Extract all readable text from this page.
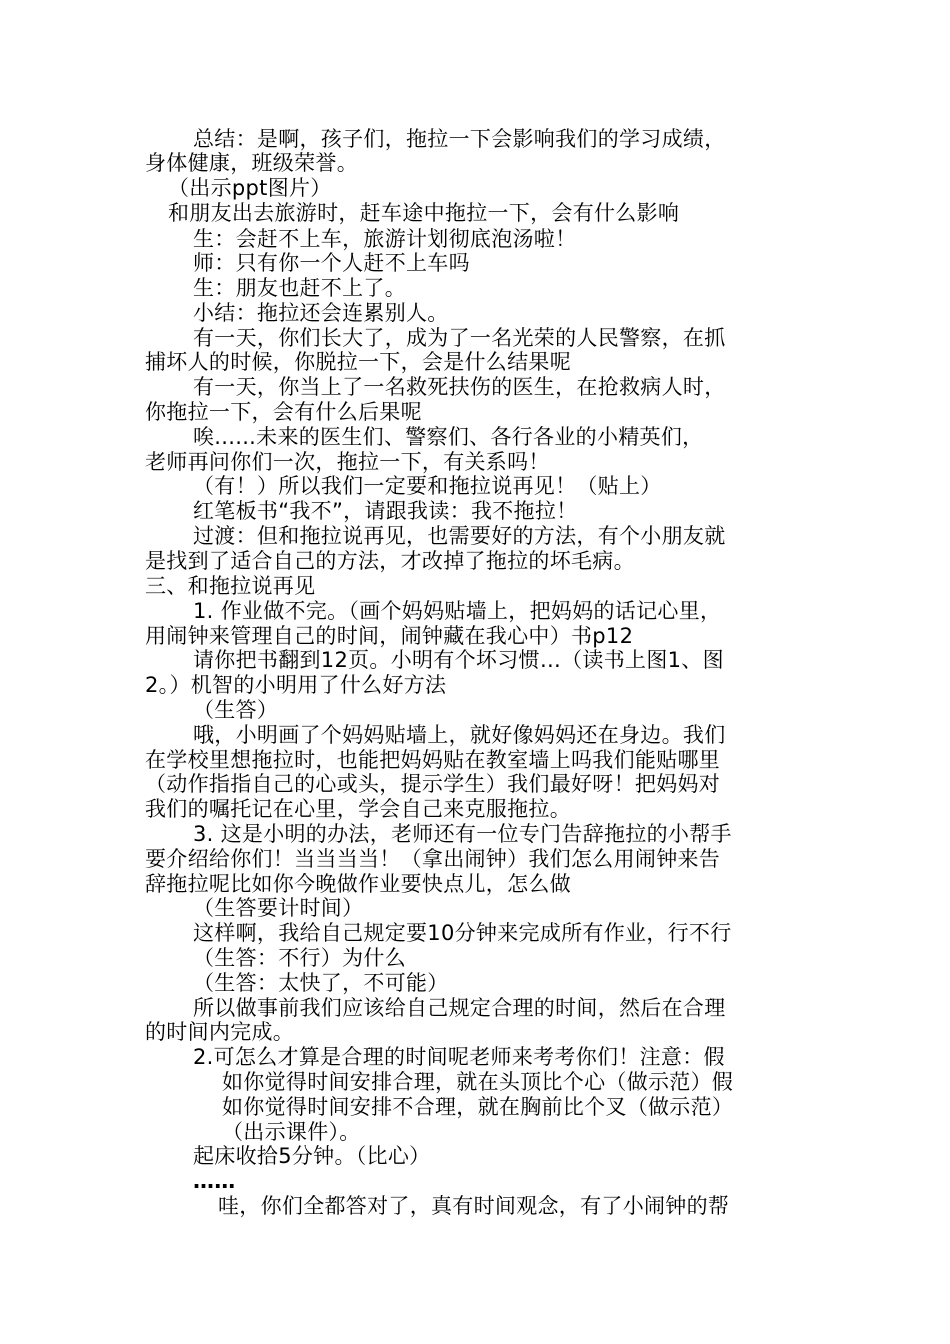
总结：是啊，孩子们，拖拉一下会影响我们的学习成绩，
身体健康，班级荣誉。
（出示ppt图片）
和朋友出去旅游时，赶车途中拖拉一下，会有什么影响
生：会赶不上车，旅游计划彻底泡汤啦！
师：只有你一个人赶不上车吗
生：朋友也赶不上了。
小结：拖拉还会连累别人。
有一天，你们长大了，成为了一名光荣的人民警察，在抓
捕坏人的时候，你脱拉一下，会是什么结果呢
有一天，你当上了一名救死扶伤的医生，在抢救病人时，
你拖拉一下，会有什么后果呢
唉......未来的医生们、警察们、各行各业的小精英们，
老师再问你们一次，拖拉一下，有关系吗！
（有！）所以我们一定要和拖拉说再见！（贴上）
红笔板书“我不”，请跟我读：我不拖拉！
过渡：但和拖拉说再见，也需要好的方法，有个小朋友就
是找到了适合自己的方法，才改掉了拖拉的坏毛病。
三、和拖拉说再见
1. 作业做不完。（画个妈妈贴墙上，把妈妈的话记心里，
用闹钟来管理自己的时间，闹钟藏在我心中）书p12
请你把书翻到12页。小明有个坏习惯…（读书上图1、图
2。）机智的小明用了什么好方法
（生答）
哦，小明画了个妈妈贴墙上，就好像妈妈还在身边。我们
在学校里想拖拉时，也能把妈妈贴在教室墙上吗我们能贴哪里
（动作指指自己的心或头，提示学生）我们最好呀！把妈妈对
我们的嘱托记在心里，学会自己来克服拖拉。
3. 这是小明的办法，老师还有一位专门告辞拖拉的小帮手
要介绍给你们！当当当当！（拿出闹钟）我们怎么用闹钟来告
辞拖拉呢比如你今晚做作业要快点儿，怎么做
（生答要计时间）
这样啊，我给自己规定要10分钟来完成所有作业，行不行
（生答：不行）为什么
（生答：太快了，不可能）
所以做事前我们应该给自己规定合理的时间，然后在合理
的时间内完成。
2.可怎么才算是合理的时间呢老师来考考你们！注意：假
如你觉得时间安排合理，就在头顶比个心（做示范）假
如你觉得时间安排不合理，就在胸前比个叉（做示范）
（出示课件）。
起床收拾5分钟。（比心）
……
哇，你们全都答对了，真有时间观念，有了小闹钟的帮
